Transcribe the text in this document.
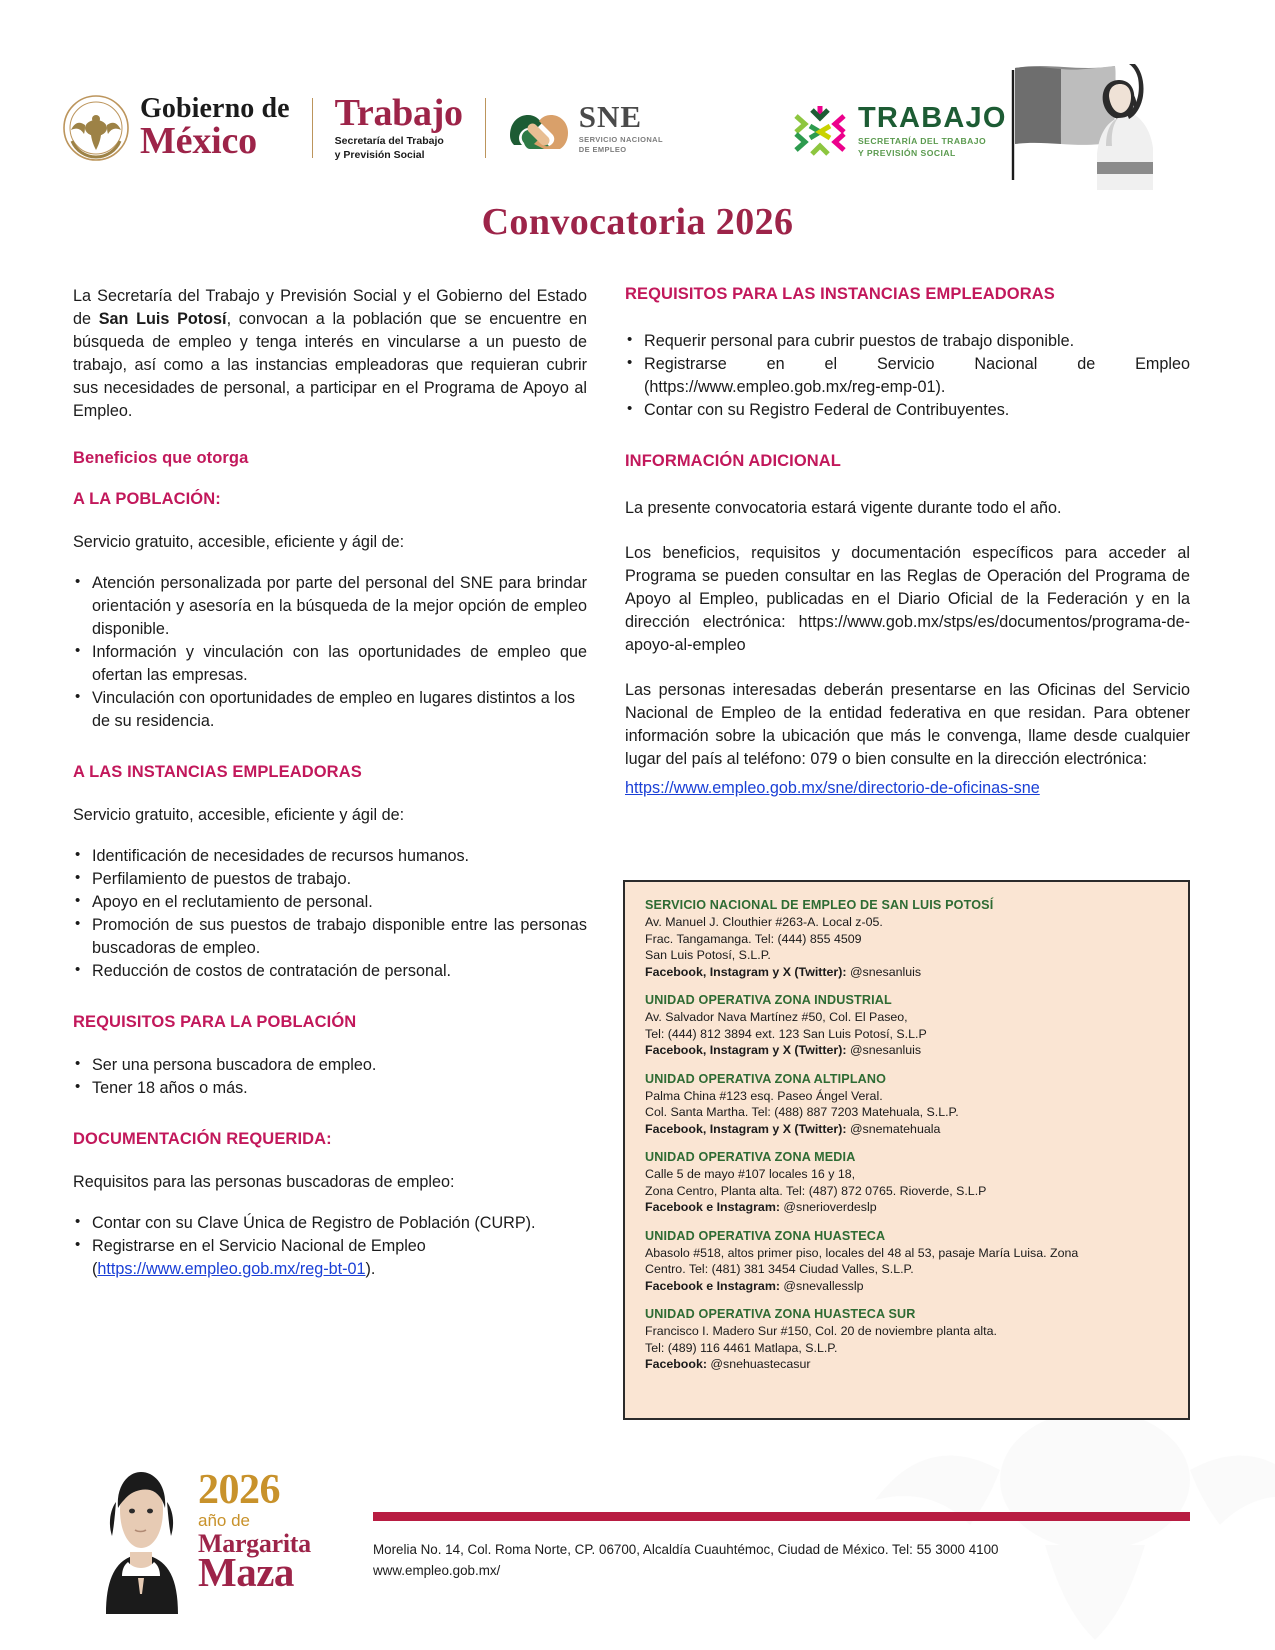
Gobierno de
México
Trabajo
Secretaría del Trabajo
y Previsión Social
SNE
SERVICIO NACIONAL
DE EMPLEO
TRABAJO
SECRETARÍA DEL TRABAJO
Y PREVISIÓN SOCIAL
Convocatoria 2026

La Secretaría del Trabajo y Previsión Social y el Gobierno del Estado de San Luis Potosí, convocan a la población que se encuentre en búsqueda de empleo y tenga interés en vincularse a un puesto de trabajo, así como a las instancias empleadoras que requieran cubrir sus necesidades de personal, a participar en el Programa de Apoyo al Empleo.

Beneficios que otorga
A LA POBLACIÓN:

Servicio gratuito, accesible, eficiente y ágil de:

• Atención personalizada por parte del personal del SNE para brindar orientación y asesoría en la búsqueda de la mejor opción de empleo disponible.
• Información y vinculación con las oportunidades de empleo que ofertan las empresas.
• Vinculación con oportunidades de empleo en lugares distintos a los de su residencia.
A LAS INSTANCIAS EMPLEADORAS

Servicio gratuito, accesible, eficiente y ágil de:

• Identificación de necesidades de recursos humanos.
• Perfilamiento de puestos de trabajo.
• Apoyo en el reclutamiento de personal.
• Promoción de sus puestos de trabajo disponible entre las personas buscadoras de empleo.
• Reducción de costos de contratación de personal.
REQUISITOS PARA LA POBLACIÓN
• Ser una persona buscadora de empleo.
• Tener 18 años o más.
DOCUMENTACIÓN REQUERIDA:

Requisitos para las personas buscadoras de empleo:

• Contar con su Clave Única de Registro de Población (CURP).
• Registrarse en el Servicio Nacional de Empleo
(https://www.empleo.gob.mx/reg-bt-01).
REQUISITOS PARA LAS INSTANCIAS EMPLEADORAS
• Requerir personal para cubrir puestos de trabajo disponible.
• Registrarse en el Servicio Nacional de Empleo (https://www.empleo.gob.mx/reg-emp-01).
• Contar con su Registro Federal de Contribuyentes.
INFORMACIÓN ADICIONAL

La presente convocatoria estará vigente durante todo el año.

Los beneficios, requisitos y documentación específicos para acceder al Programa se pueden consultar en las Reglas de Operación del Programa de Apoyo al Empleo, publicadas en el Diario Oficial de la Federación y en la dirección electrónica: https://www.gob.mx/stps/es/documentos/programa-de-apoyo-al-empleo

Las personas interesadas deberán presentarse en las Oficinas del Servicio Nacional de Empleo de la entidad federativa en que residan. Para obtener información sobre la ubicación que más le convenga, llame desde cualquier lugar del país al teléfono: 079 o bien consulte en la dirección electrónica:

https://www.empleo.gob.mx/sne/directorio-de-oficinas-sne

SERVICIO NACIONAL DE EMPLEO DE SAN LUIS POTOSÍ
Av. Manuel J. Clouthier #263-A. Local z-05.
Frac. Tangamanga. Tel: (444) 855 4509
San Luis Potosí, S.L.P.
Facebook, Instagram y X (Twitter): @snesanluis
UNIDAD OPERATIVA ZONA INDUSTRIAL
Av. Salvador Nava Martínez #50, Col. El Paseo,
Tel: (444) 812 3894 ext. 123 San Luis Potosí, S.L.P
Facebook, Instagram y X (Twitter): @snesanluis
UNIDAD OPERATIVA ZONA ALTIPLANO
Palma China #123 esq. Paseo Ángel Veral.
Col. Santa Martha. Tel: (488) 887 7203 Matehuala, S.L.P.
Facebook, Instagram y X (Twitter): @snematehuala
UNIDAD OPERATIVA ZONA MEDIA
Calle 5 de mayo #107 locales 16 y 18,
Zona Centro, Planta alta. Tel: (487) 872 0765. Rioverde, S.L.P
Facebook e Instagram: @snerioverdeslp
UNIDAD OPERATIVA ZONA HUASTECA
Abasolo #518, altos primer piso, locales del 48 al 53, pasaje María Luisa. Zona
Centro. Tel: (481) 381 3454 Ciudad Valles, S.L.P.
Facebook e Instagram: @snevallesslp
UNIDAD OPERATIVA ZONA HUASTECA SUR
Francisco I. Madero Sur #150, Col. 20 de noviembre planta alta.
Tel: (489) 116 4461 Matlapa, S.L.P.
Facebook: @snehuastecasur
2026
año de
Margarita
Maza	Morelia No. 14, Col. Roma Norte, CP. 06700, Alcaldía Cuauhtémoc, Ciudad de México. Tel: 55 3000 4100
www.empleo.gob.mx/
